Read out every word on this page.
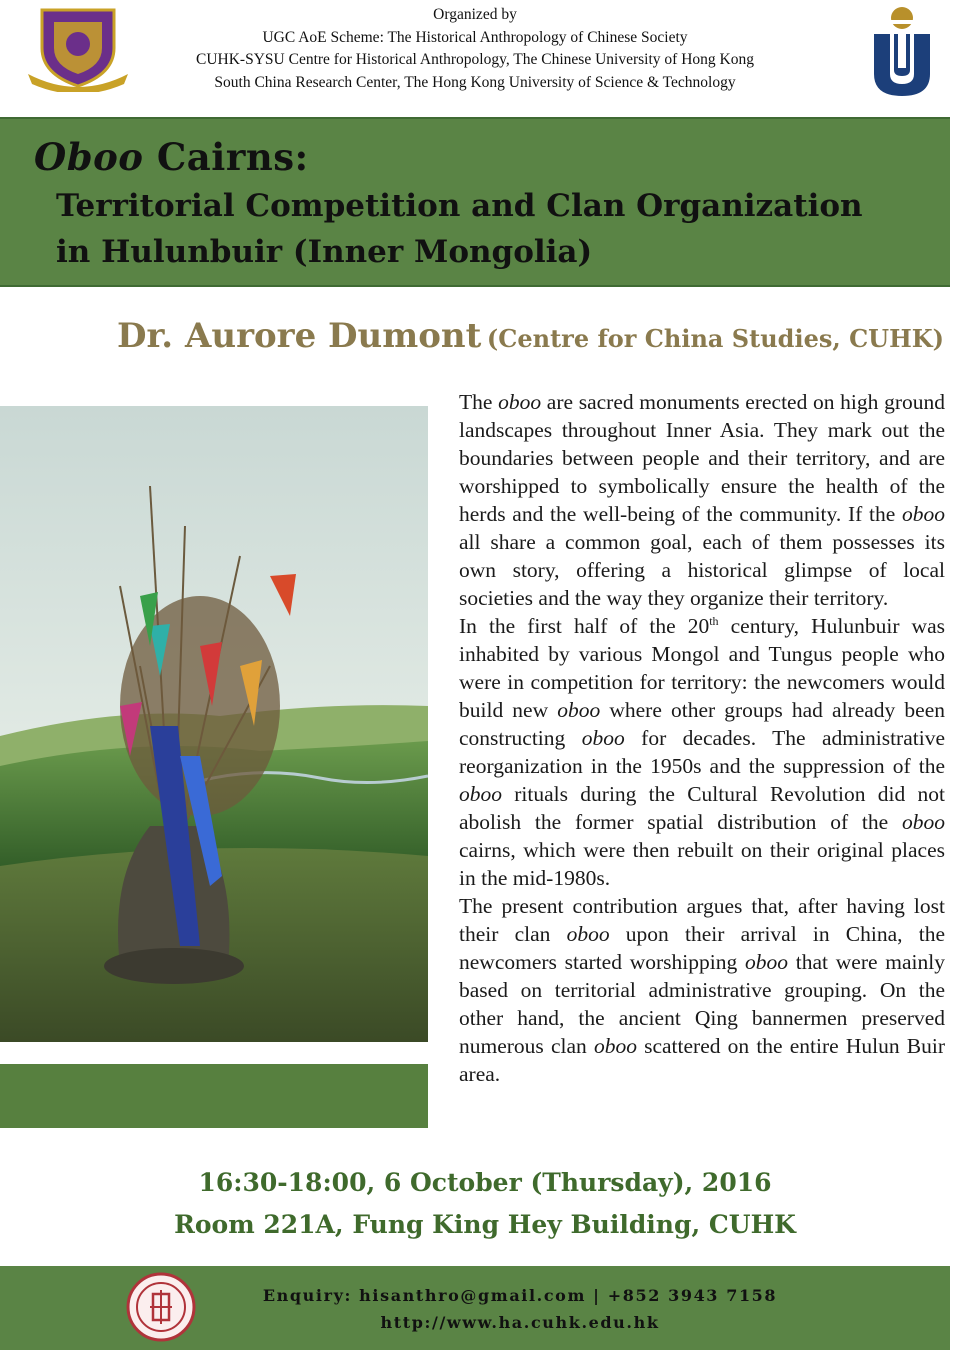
Organized by
UGC AoE Scheme: The Historical Anthropology of Chinese Society
CUHK-SYSU Centre for Historical Anthropology, The Chinese University of Hong Kong
South China Research Center, The Hong Kong University of Science & Technology
Oboo Cairns:
Territorial Competition and Clan Organization
in Hulunbuir (Inner Mongolia)
Dr. Aurore Dumont (Centre for China Studies, CUHK)

The oboo are sacred monuments erected on high ground landscapes throughout Inner Asia. They mark out the boundaries between people and their territory, and are worshipped to symbolically ensure the health of the herds and the well-being of the community. If the oboo all share a common goal, each of them possesses its own story, offering a historical glimpse of local societies and the way they organize their territory.

In the first half of the 20th century, Hulunbuir was inhabited by various Mongol and Tungus people who were in competition for territory: the newcomers would build new oboo where other groups had already been constructing oboo for decades. The administrative reorganization in the 1950s and the suppression of the oboo rituals during the Cultural Revolution did not abolish the former spatial distribution of the oboo cairns, which were then rebuilt on their original places in the mid-1980s.

The present contribution argues that, after having lost their clan oboo upon their arrival in China, the newcomers started worshipping oboo that were mainly based on territorial administrative grouping. On the other hand, the ancient Qing bannermen preserved numerous clan oboo scattered on the entire Hulun Buir area.

16:30-18:00, 6 October (Thursday), 2016
Room 221A, Fung King Hey Building, CUHK
Enquiry: hisanthro@gmail.com | +852 3943 7158
http://www.ha.cuhk.edu.hk
